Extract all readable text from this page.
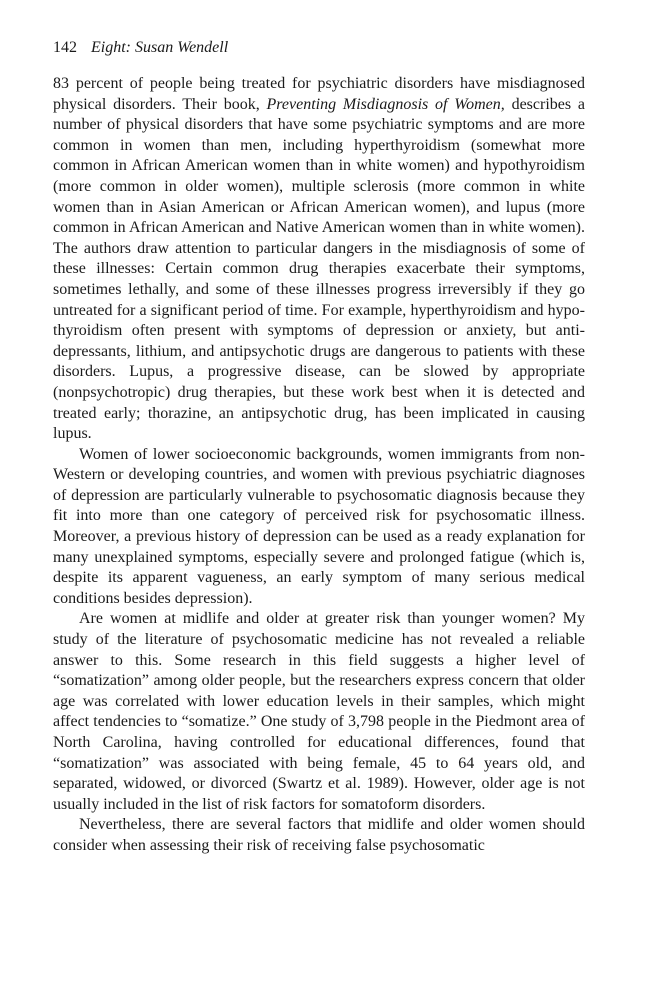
142 Eight: Susan Wendell

83 percent of people being treated for psychiatric disorders have misdiagnosed physical disorders. Their book, Preventing Misdiagnosis of Women, describes a number of physical disorders that have some psychiatric symptoms and are more common in women than men, including hyperthyroidism (somewhat more common in African American women than in white women) and hypothyroidism (more common in older women), multiple sclerosis (more common in white women than in Asian American or African American women), and lupus (more common in African American and Native American women than in white women). The authors draw attention to particular dangers in the misdiagnosis of some of these illnesses: Certain common drug therapies exacerbate their symptoms, sometimes lethally, and some of these illnesses progress irreversibly if they go untreated for a significant period of time. For example, hyperthyroidism and hypothyroidism often present with symptoms of depression or anxiety, but antidepressants, lithium, and antipsychotic drugs are dangerous to patients with these disorders. Lupus, a progressive disease, can be slowed by appropriate (nonpsychotropic) drug therapies, but these work best when it is detected and treated early; thorazine, an antipsychotic drug, has been implicated in causing lupus.

Women of lower socioeconomic backgrounds, women immigrants from non-Western or developing countries, and women with previous psychiatric diagnoses of depression are particularly vulnerable to psychosomatic diagnosis because they fit into more than one category of perceived risk for psychosomatic illness. Moreover, a previous history of depression can be used as a ready explanation for many unexplained symptoms, especially severe and prolonged fatigue (which is, despite its apparent vagueness, an early symptom of many serious medical conditions besides depression).

Are women at midlife and older at greater risk than younger women? My study of the literature of psychosomatic medicine has not revealed a reliable answer to this. Some research in this field suggests a higher level of “somatization” among older people, but the researchers express concern that older age was correlated with lower education levels in their samples, which might affect tendencies to “somatize.” One study of 3,798 people in the Piedmont area of North Carolina, having controlled for educational differences, found that “somatization” was associated with being female, 45 to 64 years old, and separated, widowed, or divorced (Swartz et al. 1989). However, older age is not usually included in the list of risk factors for somatoform disorders.

Nevertheless, there are several factors that midlife and older women should consider when assessing their risk of receiving false psychosomatic
